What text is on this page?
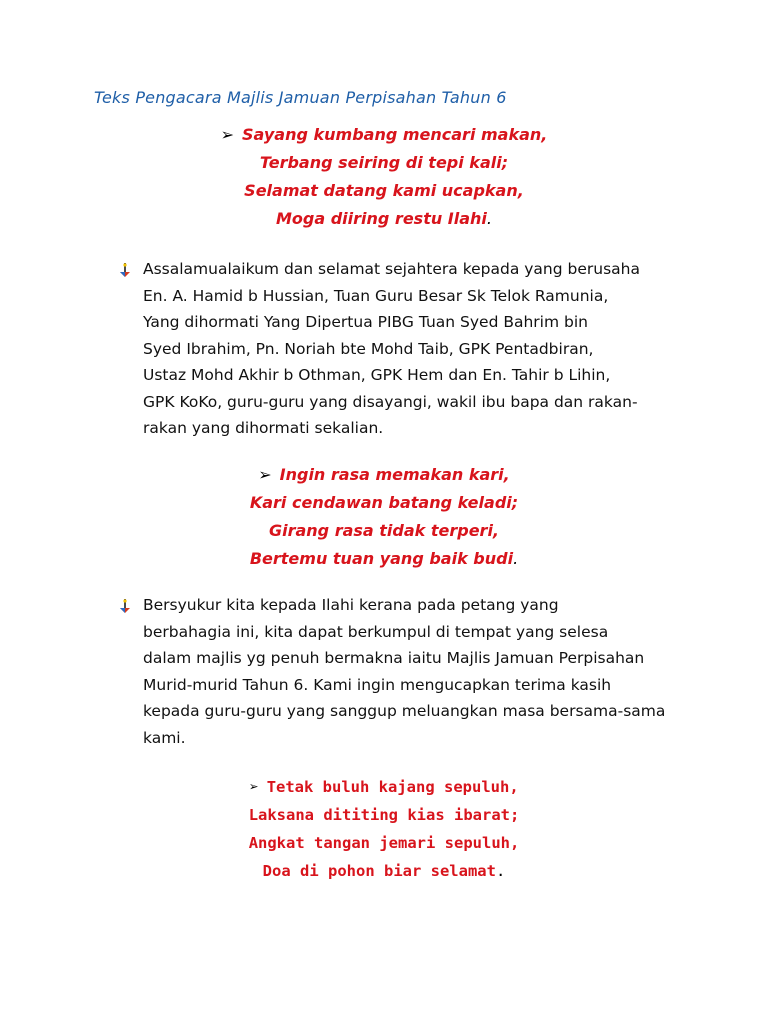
Teks Pengacara Majlis Jamuan Perpisahan Tahun 6
➢ Sayang kumbang mencari makan,
Terbang seiring di tepi kali;
Selamat datang kami ucapkan,
Moga diiring restu Ilahi.
Assalamualaikum dan selamat sejahtera kepada yang berusaha
En. A. Hamid b Hussian, Tuan Guru Besar Sk Telok Ramunia,
Yang dihormati Yang Dipertua PIBG Tuan Syed Bahrim bin
Syed Ibrahim, Pn. Noriah bte Mohd Taib, GPK Pentadbiran,
Ustaz Mohd Akhir b Othman, GPK Hem dan En. Tahir b Lihin,
GPK KoKo, guru-guru yang disayangi, wakil ibu bapa dan rakan-
rakan yang dihormati sekalian.
➢ Ingin rasa memakan kari,
Kari cendawan batang keladi;
Girang rasa tidak terperi,
Bertemu tuan yang baik budi.
Bersyukur kita kepada Ilahi kerana pada petang yang
berbahagia ini, kita dapat berkumpul di tempat yang selesa
dalam majlis yg penuh bermakna iaitu Majlis Jamuan Perpisahan
Murid-murid Tahun 6. Kami ingin mengucapkan terima kasih
kepada guru-guru yang sanggup meluangkan masa bersama-sama
kami.
➢ Tetak buluh kajang sepuluh,
Laksana dititing kias ibarat;
Angkat tangan jemari sepuluh,
Doa di pohon biar selamat.
